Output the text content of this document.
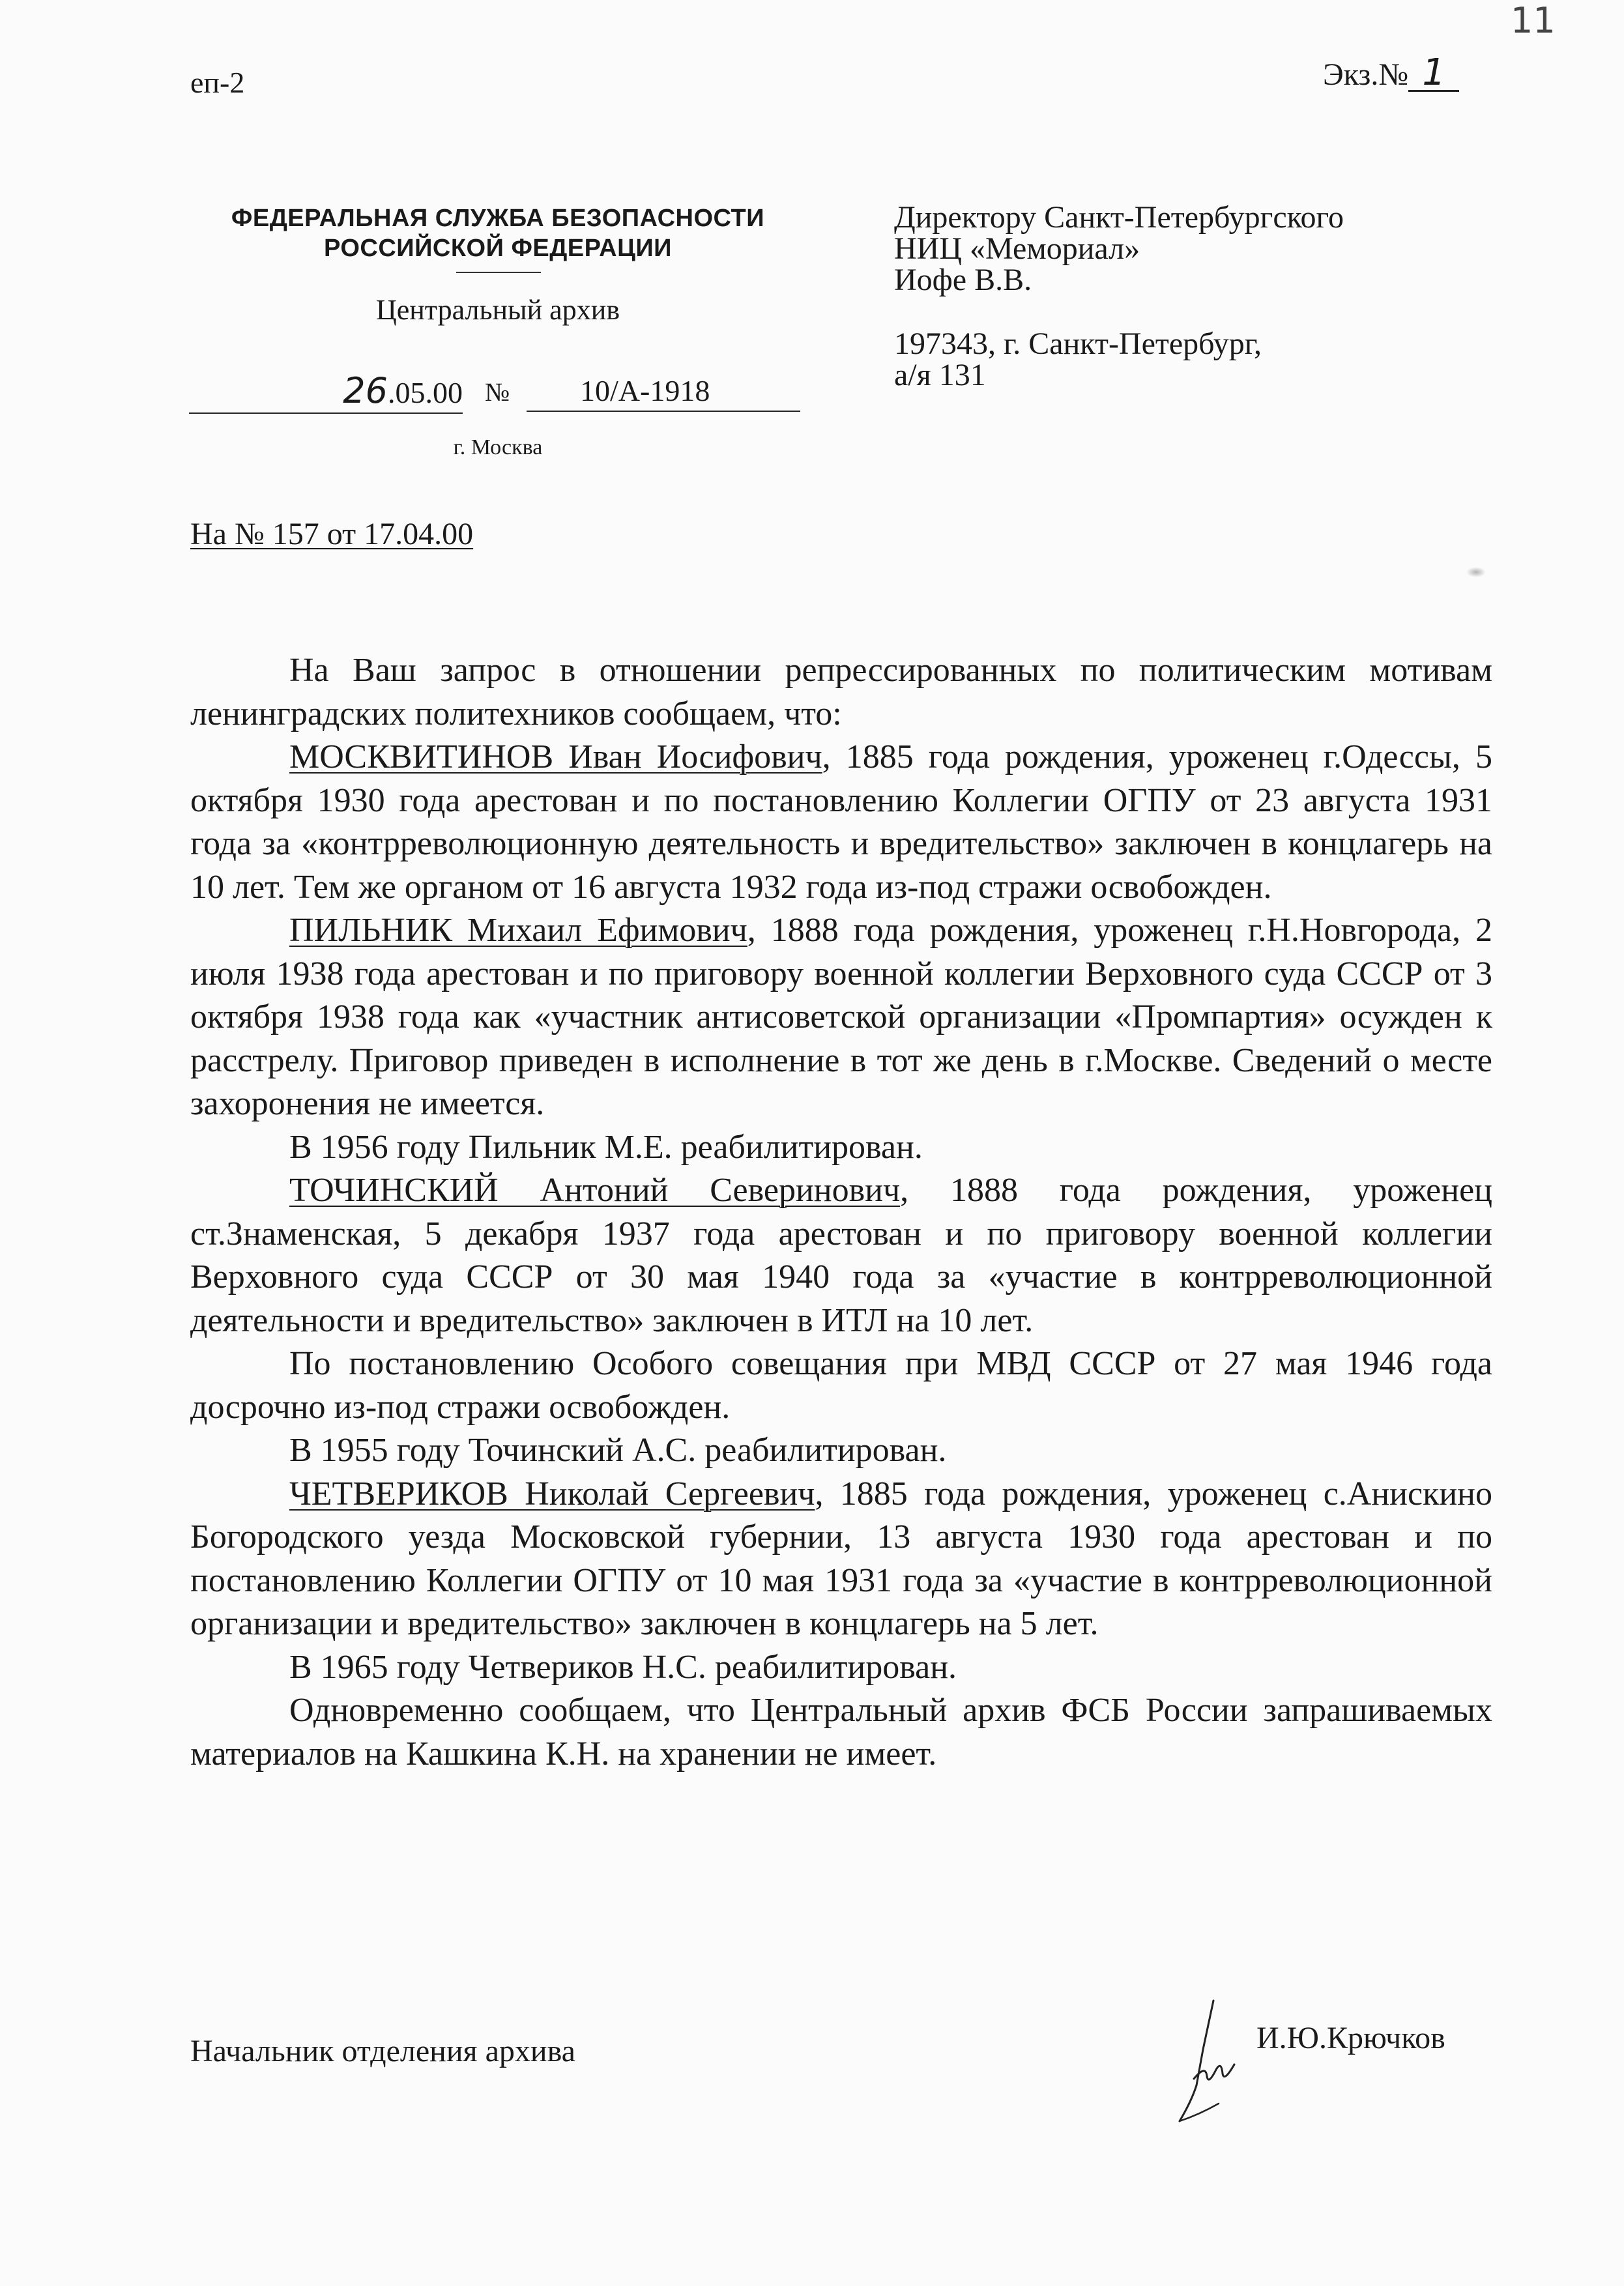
11
еп-2	Экз.№ 1
ФЕДЕРАЛЬНАЯ СЛУЖБА БЕЗОПАСНОСТИ
РОССИЙСКОЙ ФЕДЕРАЦИИ
Центральный архив
26.05.00 №	10/А-1918
г. Москва
Директору Санкт-Петербургского
НИЦ «Мемориал»
Иофе В.В.
197343, г. Санкт-Петербург,
а/я 131
На № 157 от 17.04.00

На Ваш запрос в отношении репрессированных по политическим мотивам ленинградских политехников сообщаем, что:

МОСКВИТИНОВ Иван Иосифович, 1885 года рождения, уроженец г.Одессы, 5 октября 1930 года арестован и по постановлению Коллегии ОГПУ от 23 августа 1931 года за «контрреволюционную деятельность и вредительство» заключен в концлагерь на 10 лет. Тем же органом от 16 августа 1932 года из-под стражи освобожден.

ПИЛЬНИК Михаил Ефимович, 1888 года рождения, уроженец г.Н.Новгорода, 2 июля 1938 года арестован и по приговору военной коллегии Верховного суда СССР от 3 октября 1938 года как «участник антисоветской организации «Промпартия» осужден к расстрелу. Приговор приведен в исполнение в тот же день в г.Москве. Сведений о месте захоронения не имеется.

В 1956 году Пильник М.Е. реабилитирован.

ТОЧИНСКИЙ Антоний Северинович, 1888 года рождения, уроженец ст.Знаменская, 5 декабря 1937 года арестован и по приговору военной коллегии Верховного суда СССР от 30 мая 1940 года за «участие в контрреволюционной деятельности и вредительство» заключен в ИТЛ на 10 лет.

По постановлению Особого совещания при МВД СССР от 27 мая 1946 года досрочно из-под стражи освобожден.

В 1955 году Точинский А.С. реабилитирован.

ЧЕТВЕРИКОВ Николай Сергеевич, 1885 года рождения, уроженец с.Анискино Богородского уезда Московской губернии, 13 августа 1930 года арестован и по постановлению Коллегии ОГПУ от 10 мая 1931 года за «участие в контрреволюционной организации и вредительство» заключен в концлагерь на 5 лет.

В 1965 году Четвериков Н.С. реабилитирован.

Одновременно сообщаем, что Центральный архив ФСБ России запрашиваемых материалов на Кашкина К.Н. на хранении не имеет.

Начальник отделения архива	И.Ю.Крючков
